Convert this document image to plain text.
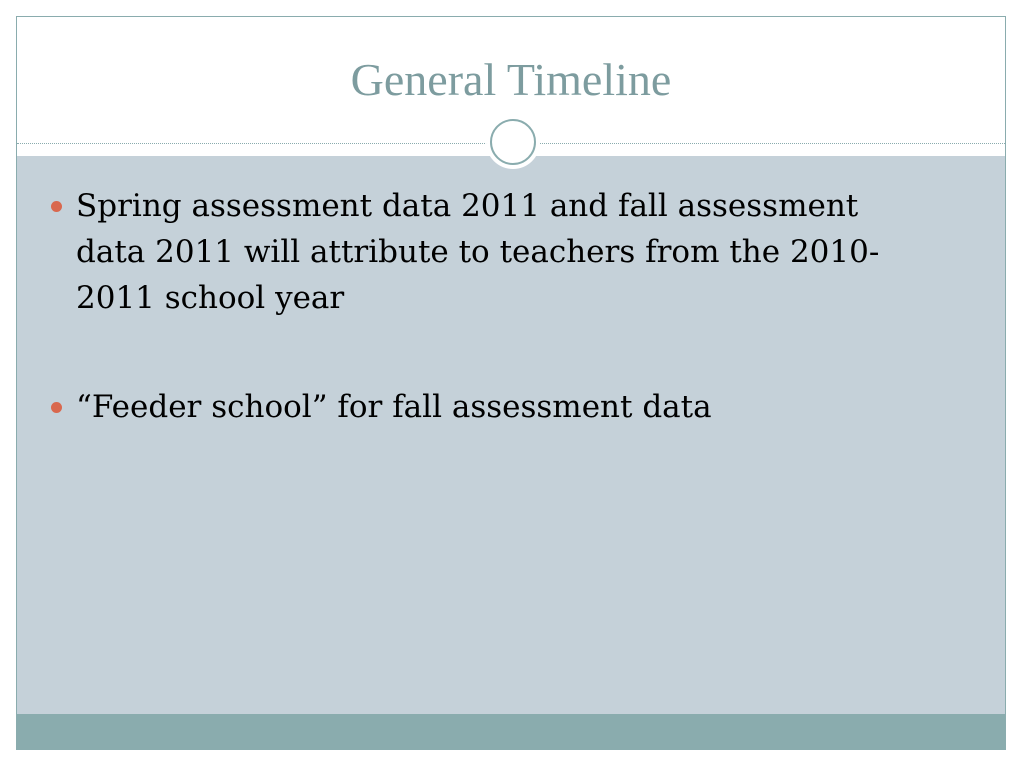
General Timeline
Spring assessment data 2011 and fall assessment data 2011 will attribute to teachers from the 2010-2011 school year
“Feeder school” for fall assessment data
